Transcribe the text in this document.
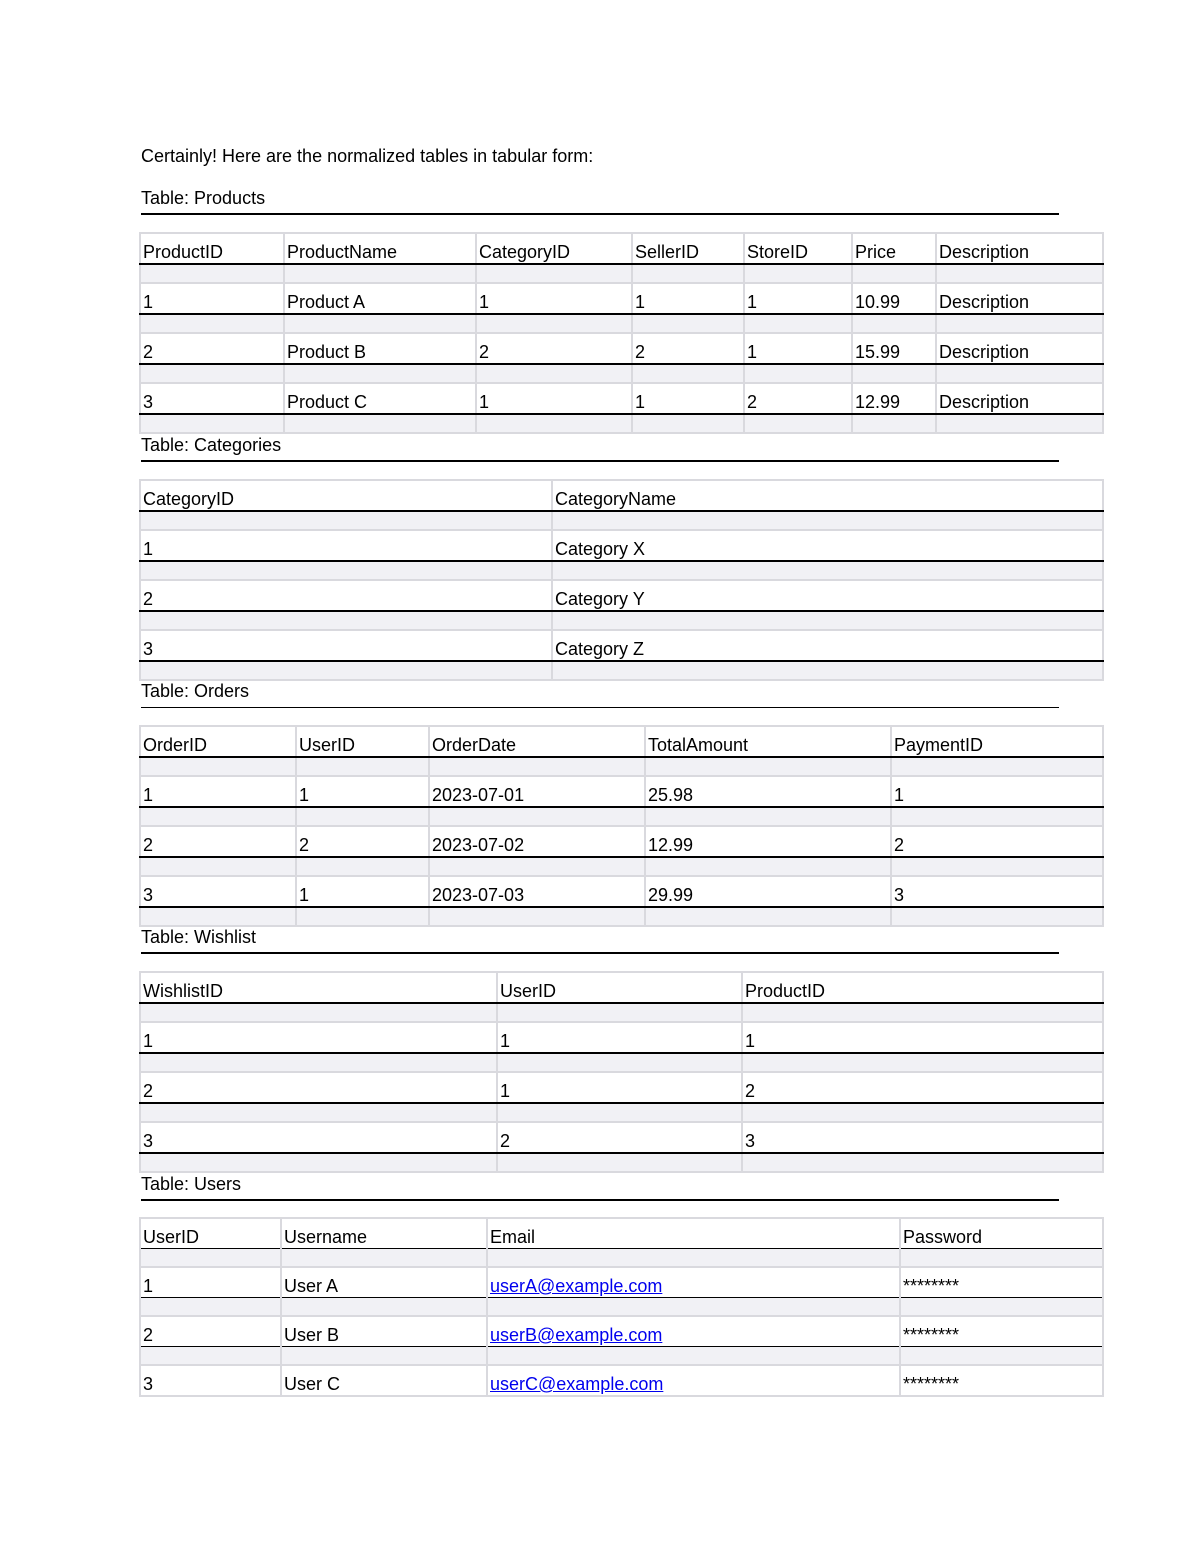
Certainly! Here are the normalized tables in tabular form:
Table: Products
ProductID	ProductName	CategoryID	SellerID	StoreID	Price	Description

1	Product A	1	1	1	10.99	Description

2	Product B	2	2	1	15.99	Description

3	Product C	1	1	2	12.99	Description

Table: Categories
CategoryID	CategoryName

1	Category X

2	Category Y

3	Category Z

Table: Orders
OrderID	UserID	OrderDate	TotalAmount	PaymentID

1	1	2023-07-01	25.98	1

2	2	2023-07-02	12.99	2

3	1	2023-07-03	29.99	3

Table: Wishlist
WishlistID	UserID	ProductID

1	1	1

2	1	2

3	2	3

Table: Users
UserID	Username	Email	Password

1	User A	userA@example.com	********

2	User B	userB@example.com	********

3	User C	userC@example.com	********
